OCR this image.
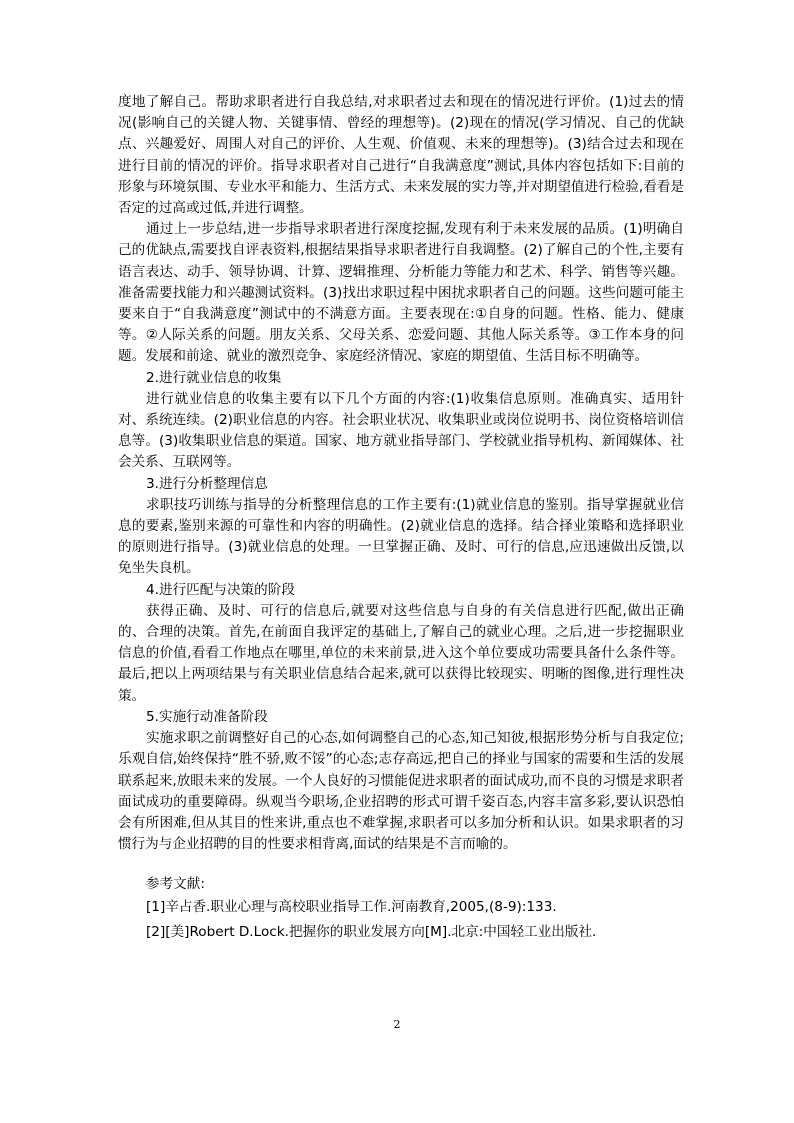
度地了解自己。帮助求职者进行自我总结,对求职者过去和现在的情况进行评价。(1)过去的情况(影响自己的关键人物、关键事情、曾经的理想等)。(2)现在的情况(学习情况、自己的优缺点、兴趣爱好、周围人对自己的评价、人生观、价值观、未来的理想等)。(3)结合过去和现在进行目前的情况的评价。指导求职者对自己进行“自我满意度”测试,具体内容包括如下:目前的形象与环境氛围、专业水平和能力、生活方式、未来发展的实力等,并对期望值进行检验,看看是否定的过高或过低,并进行调整。

通过上一步总结,进一步指导求职者进行深度挖掘,发现有利于未来发展的品质。(1)明确自己的优缺点,需要找自评表资料,根据结果指导求职者进行自我调整。(2)了解自己的个性,主要有语言表达、动手、领导协调、计算、逻辑推理、分析能力等能力和艺术、科学、销售等兴趣。准备需要找能力和兴趣测试资料。(3)找出求职过程中困扰求职者自己的问题。这些问题可能主要来自于“自我满意度”测试中的不满意方面。主要表现在:①自身的问题。性格、能力、健康等。②人际关系的问题。朋友关系、父母关系、恋爱问题、其他人际关系等。③工作本身的问题。发展和前途、就业的激烈竞争、家庭经济情况、家庭的期望值、生活目标不明确等。

2.进行就业信息的收集

进行就业信息的收集主要有以下几个方面的内容:(1)收集信息原则。准确真实、适用针对、系统连续。(2)职业信息的内容。社会职业状况、收集职业或岗位说明书、岗位资格培训信息等。(3)收集职业信息的渠道。国家、地方就业指导部门、学校就业指导机构、新闻媒体、社会关系、互联网等。

3.进行分析整理信息

求职技巧训练与指导的分析整理信息的工作主要有:(1)就业信息的鉴别。指导掌握就业信息的要素,鉴别来源的可靠性和内容的明确性。(2)就业信息的选择。结合择业策略和选择职业的原则进行指导。(3)就业信息的处理。一旦掌握正确、及时、可行的信息,应迅速做出反馈,以免坐失良机。

4.进行匹配与决策的阶段

获得正确、及时、可行的信息后,就要对这些信息与自身的有关信息进行匹配,做出正确的、合理的决策。首先,在前面自我评定的基础上,了解自己的就业心理。之后,进一步挖掘职业信息的价值,看看工作地点在哪里,单位的未来前景,进入这个单位要成功需要具备什么条件等。最后,把以上两项结果与有关职业信息结合起来,就可以获得比较现实、明晰的图像,进行理性决策。

5.实施行动准备阶段

实施求职之前调整好自己的心态,如何调整自己的心态,知己知彼,根据形势分析与自我定位;乐观自信,始终保持“胜不骄,败不馁”的心态;志存高远,把自己的择业与国家的需要和生活的发展联系起来,放眼未来的发展。一个人良好的习惯能促进求职者的面试成功,而不良的习惯是求职者面试成功的重要障碍。纵观当今职场,企业招聘的形式可谓千姿百态,内容丰富多彩,要认识恐怕会有所困难,但从其目的性来讲,重点也不难掌握,求职者可以多加分析和认识。如果求职者的习惯行为与企业招聘的目的性要求相背离,面试的结果是不言而喻的。

参考文献:

[1]辛占香.职业心理与高校职业指导工作.河南教育,2005,(8-9):133.

[2][美]Robert D.Lock.把握你的职业发展方向[M].北京:中国轻工业出版社.

2
